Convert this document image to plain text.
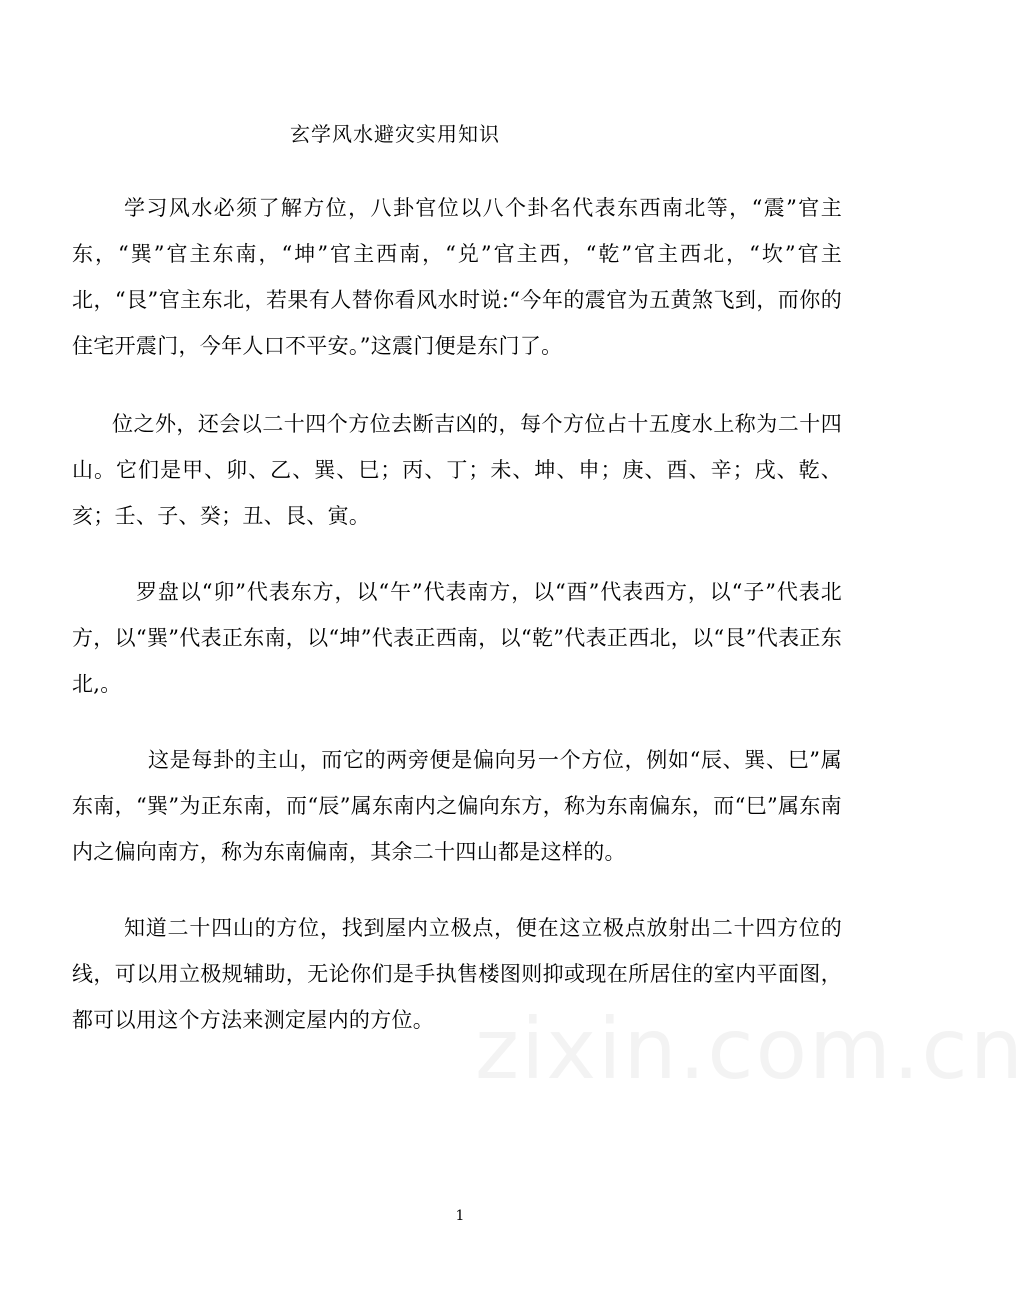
玄学风水避灾实用知识
学习风水必须了解方位，八卦官位以八个卦名代表东西南北等，“震”官主东，“巽”官主东南，“坤”官主西南，“兑”官主西，“乾”官主西北，“坎”官主北，“艮”官主东北，若果有人替你看风水时说:“今年的震官为五黄煞飞到，而你的住宅开震门，今年人口不平安。”这震门便是东门了。
位之外，还会以二十四个方位去断吉凶的，每个方位占十五度水上称为二十四山。它们是甲、卯、乙、巽、巳；丙、丁；未、坤、申；庚、酉、辛；戌、乾、亥；壬、子、癸；丑、艮、寅。
罗盘以“卯”代表东方，以“午”代表南方，以“酉”代表西方，以“子”代表北方，以“巽”代表正东南，以“坤”代表正西南，以“乾”代表正西北，以“艮”代表正东北,。
这是每卦的主山，而它的两旁便是偏向另一个方位，例如“辰、巽、巳”属东南，“巽”为正东南，而“辰”属东南内之偏向东方，称为东南偏东，而“巳”属东南内之偏向南方，称为东南偏南，其余二十四山都是这样的。
知道二十四山的方位，找到屋内立极点，便在这立极点放射出二十四方位的线，可以用立极规辅助，无论你们是手执售楼图则抑或现在所居住的室内平面图，都可以用这个方法来测定屋内的方位。 zixin.com.cn
1
